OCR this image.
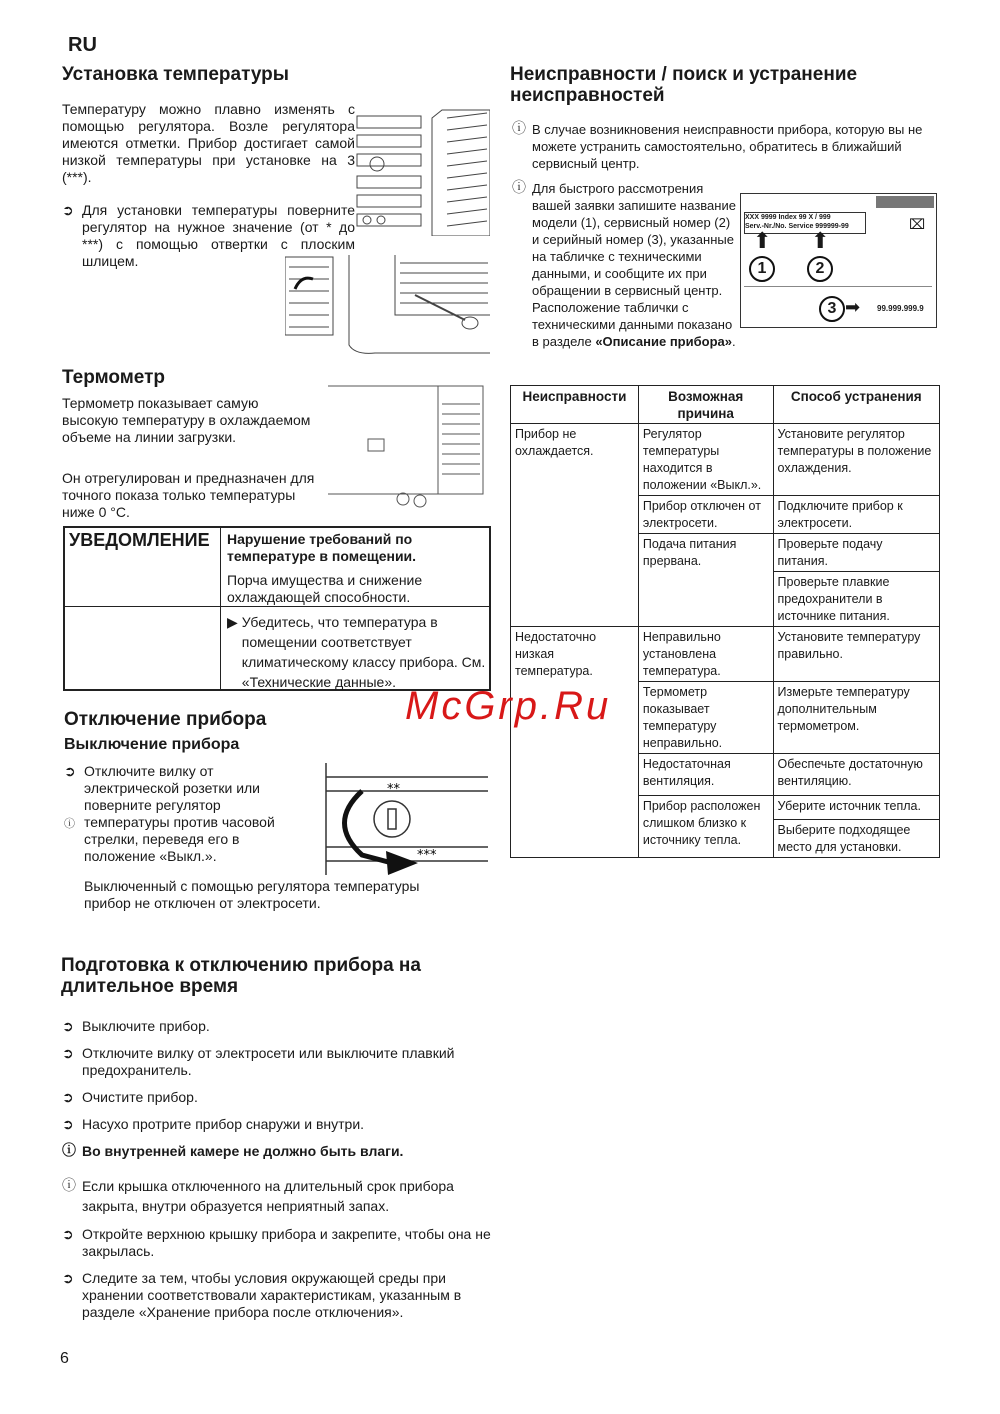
RU
Установка температуры

Температуру можно плавно изменять с помощью регулятора. Возле регулятора имеются отметки. Прибор достигает самой низкой температуры при установке на 3 (***).

➲ Для установки температуры поверните регулятор на нужное значение (от * до ***) с помощью отвертки с плоским шлицем.
Термометр

Термометр показывает самую высокую температуру в охлаждаемом объеме на линии загрузки.

Он отрегулирован и предназначен для точного показа только температуры ниже 0 °C.

УВЕДОМЛЕНИЕ Нарушение требований по температуре в помещении.
Порча имущества и снижение охлаждающей способности.
▶ Убедитесь, что температура в помещении соответствует климатическому классу прибора. См. «Технические данные».
Отключение прибора
Выключение прибора
➲

ⓘ
Отключите вилку от электрической розетки или поверните регулятор температуры против часовой стрелки, переведя его в положение «Выкл.».
**
***

Выключенный с помощью регулятора температуры прибор не отключен от электросети.

Подготовка к отключению прибора на длительное время
➲ Выключите прибор.
➲ Отключите вилку от электросети или выключите плавкий предохранитель.
➲ Очистите прибор.
➲ Насухо протрите прибор снаружи и внутри.
ⓘ Во внутренней камере не должно быть влаги.
ⓘ Если крышка отключенного на длительный срок прибора закрыта, внутри образуется неприятный запах.
➲ Откройте верхнюю крышку прибора и закрепите, чтобы она не закрылась.
➲ Следите за тем, чтобы условия окружающей среды при хранении соответствовали характеристикам, указанным в разделе «Хранение прибора после отключения».
6
Неисправности / поиск и устранение неисправностей
ⓘ В случае возникновения неисправности прибора, которую вы не можете устранить самостоятельно, обратитесь в ближайший сервисный центр.
ⓘ Для быстрого рассмотрения вашей заявки запишите название модели (1), сервисный номер (2) и серийный номер (3), указанные на табличке с техническими данными, и сообщите их при обращении в сервисный центр. Расположение таблички с техническими данными показано в разделе «Описание прибора».
XXX 9999 Index 99 X / 999
Serv.-Nr./No. Service 999999-99	⌧
⬆ ⬆
1	2
3 ➡ 99.999.999.9
Неисправности	Возможная причина	Способ устранения
Прибор не охлаждается.	Регулятор температуры находится в положении «Выкл.».	Установите регулятор температуры в положение охлаждения.
	Прибор отключен от электросети.	Подключите прибор к электросети.
	Подача питания прервана.	Проверьте подачу питания.
		Проверьте плавкие предохранители в источнике питания.
Недостаточно низкая температура.	Неправильно установлена температура.	Установите температуру правильно.
	Термометр показывает температуру неправильно.	Измерьте температуру дополнительным термометром.
	Недостаточная вентиляция.	Обеспечьте достаточную вентиляцию.
	Прибор расположен слишком близко к источнику тепла.	Уберите источник тепла.
		Выберите подходящее место для установки.
McGrp.Ru
